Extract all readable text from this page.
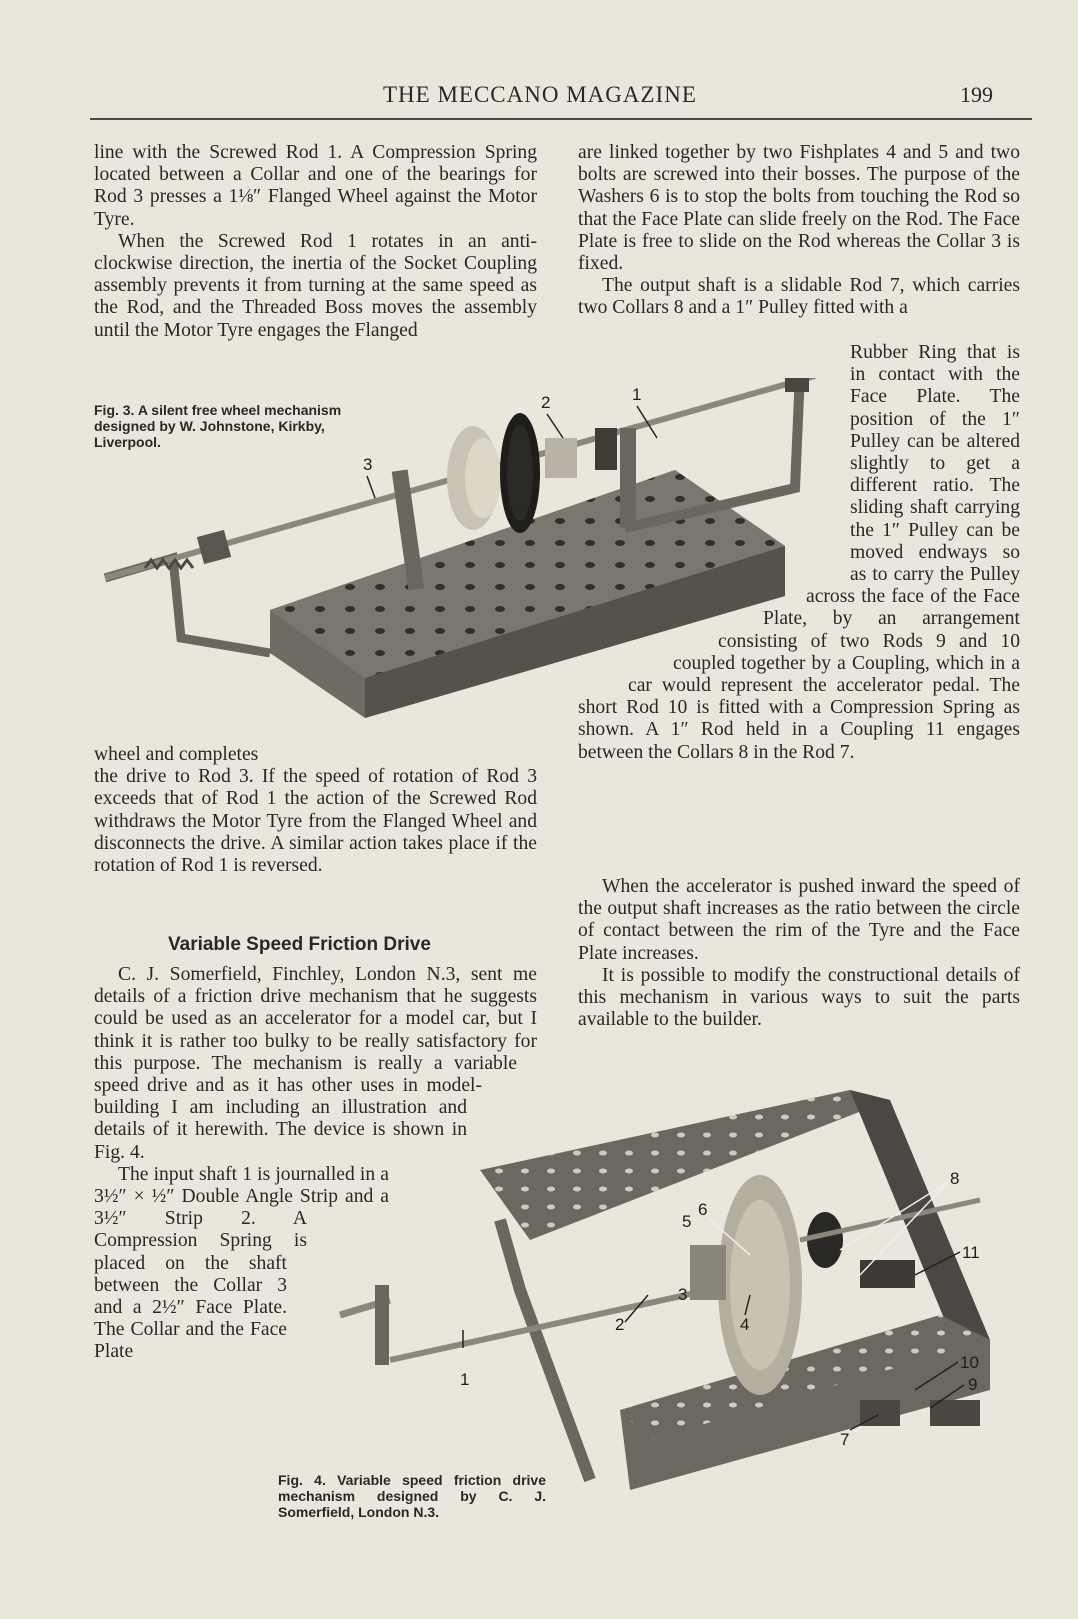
THE MECCANO MAGAZINE	199

line with the Screwed Rod 1. A Compression Spring located between a Collar and one of the bearings for Rod 3 presses a 1⅛″ Flanged Wheel against the Motor Tyre.

When the Screwed Rod 1 rotates in an anti-clockwise direction, the inertia of the Socket Coupling assembly prevents it from turning at the same speed as the Rod, and the Threaded Boss moves the assembly until the Motor Tyre engages the Flanged

are linked together by two Fishplates 4 and 5 and two bolts are screwed into their bosses. The purpose of the Washers 6 is to stop the bolts from touching the Rod so that the Face Plate can slide freely on the Rod. The Face Plate is free to slide on the Rod whereas the Collar 3 is fixed.

The output shaft is a slidable Rod 7, which carries two Collars 8 and a 1″ Pulley fitted with a

Rubber Ring that is in contact with the Face Plate. The position of the 1″ Pulley can be altered slightly to get a different ratio. The sliding shaft carrying the 1″ Pulley can be moved endways so as to carry the Pulley across the face of the Face Plate, by an arrangement consisting of two Rods 9 and 10 coupled together by a Coupling, which in a car would represent the accelerator pedal. The short Rod 10 is fitted with a Compression Spring as shown. A 1″ Rod held in a Coupling 11 engages between the Collars 8 in the Rod 7.

When the accelerator is pushed inward the speed of the output shaft increases as the ratio between the circle of contact between the rim of the Tyre and the Face Plate increases.

It is possible to modify the constructional details of this mechanism in various ways to suit the parts available to the builder.

Fig. 3. A silent free wheel mechanism designed by W. Johnstone, Kirkby, Liverpool.
3
2	1

wheel and completes

the drive to Rod 3. If the speed of rotation of Rod 3 exceeds that of Rod 1 the action of the Screwed Rod withdraws the Motor Tyre from the Flanged Wheel and disconnects the drive. A similar action takes place if the rotation of Rod 1 is reversed.

Variable Speed Friction Drive

C. J. Somerfield, Finchley, London N.3, sent me details of a friction drive mechanism that he suggests could be used as an accelerator for a model car, but I think it is rather too bulky to be really satisfactory for this purpose. The mechanism is really a variable speed drive and as it has other uses in model-building I am including an illustration and details of it herewith. The device is shown in Fig. 4.

The input shaft 1 is journalled in a 3½″ × ½″ Double Angle Strip and a 3½″ Strip 2. A Compression Spring is placed on the shaft between the Collar 3 and a 2½″ Face Plate. The Collar and the Face Plate

Fig. 4. Variable speed friction drive mechanism designed by C. J. Somerfield, London N.3.
1
2
3
4
5
6
7
8
9
10
11
